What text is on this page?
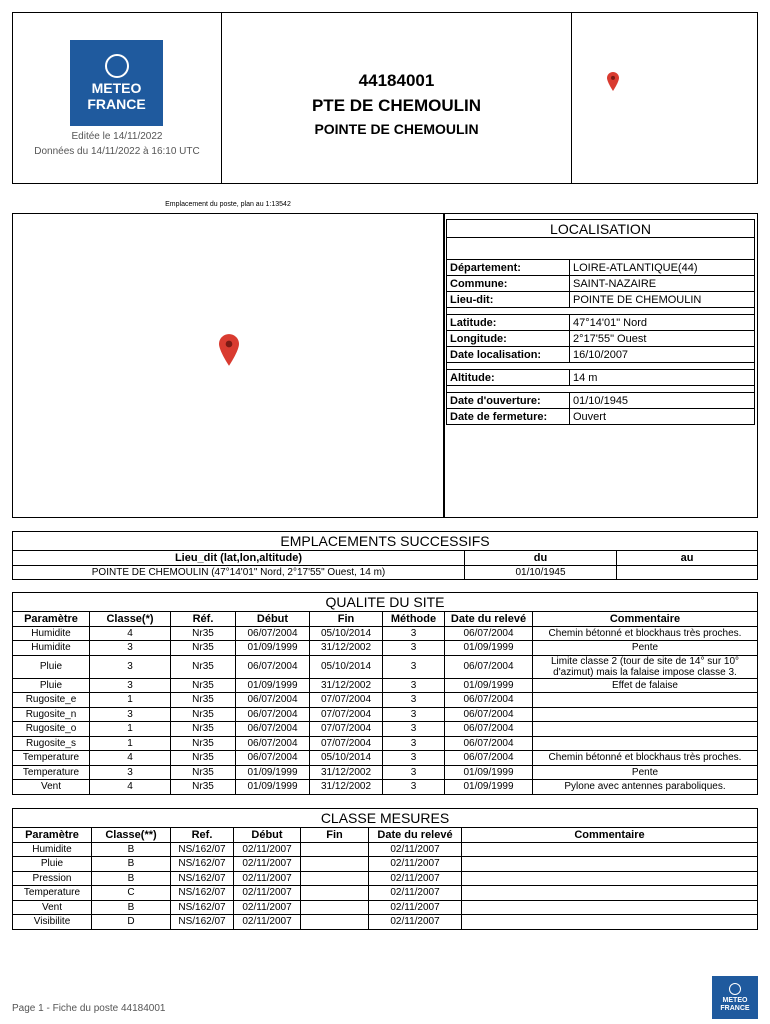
METEO
FRANCE
Editée le 14/11/2022
Données du 14/11/2022 à 16:10 UTC
44184001
PTE DE CHEMOULIN
POINTE DE CHEMOULIN
Emplacement du poste, plan au 1:13542
LOCALISATION	

Département:	LOIRE-ATLANTIQUE(44)
Commune:	SAINT-NAZAIRE
Lieu-dit:	POINTE DE CHEMOULIN

Latitude:	47°14'01" Nord
Longitude:	2°17'55" Ouest
Date localisation:	16/10/2007

Altitude:	14 m

Date d'ouverture:	01/10/1945
Date de fermeture:	Ouvert
EMPLACEMENTS SUCCESSIFS		
Lieu_dit (lat,lon,altitude)	du	au
POINTE DE CHEMOULIN (47°14'01" Nord, 2°17'55" Ouest, 14 m)	01/10/1945	
QUALITE DU SITE							
Paramètre	Classe(*)	Réf.	Début	Fin	Méthode	Date du relevé	Commentaire
Humidite	4	Nr35	06/07/2004	05/10/2014	3	06/07/2004	Chemin bétonné et blockhaus très proches.
Humidite	3	Nr35	01/09/1999	31/12/2002	3	01/09/1999	Pente
Pluie	3	Nr35	06/07/2004	05/10/2014	3	06/07/2004	Limite classe 2 (tour de site de 14° sur 10° d'azimut) mais la falaise impose classe 3.
Pluie	3	Nr35	01/09/1999	31/12/2002	3	01/09/1999	Effet de falaise
Rugosite_e	1	Nr35	06/07/2004	07/07/2004	3	06/07/2004	
Rugosite_n	3	Nr35	06/07/2004	07/07/2004	3	06/07/2004	
Rugosite_o	1	Nr35	06/07/2004	07/07/2004	3	06/07/2004	
Rugosite_s	1	Nr35	06/07/2004	07/07/2004	3	06/07/2004	
Temperature	4	Nr35	06/07/2004	05/10/2014	3	06/07/2004	Chemin bétonné et blockhaus très proches.
Temperature	3	Nr35	01/09/1999	31/12/2002	3	01/09/1999	Pente
Vent	4	Nr35	01/09/1999	31/12/2002	3	01/09/1999	Pylone avec antennes paraboliques.
CLASSE MESURES						
Paramètre	Classe(**)	Ref.	Début	Fin	Date du relevé	Commentaire
Humidite	B	NS/162/07	02/11/2007		02/11/2007	
Pluie	B	NS/162/07	02/11/2007		02/11/2007	
Pression	B	NS/162/07	02/11/2007		02/11/2007	
Temperature	C	NS/162/07	02/11/2007		02/11/2007	
Vent	B	NS/162/07	02/11/2007		02/11/2007	
Visibilite	D	NS/162/07	02/11/2007		02/11/2007	
Page 1 - Fiche du poste 44184001
METEO
FRANCE
